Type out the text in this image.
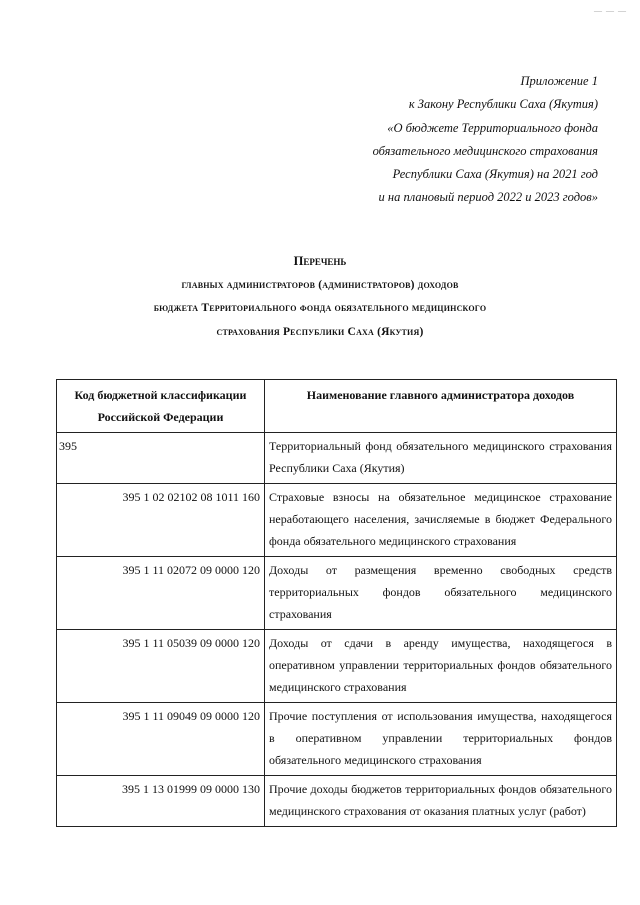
— — —
Приложение 1
к Закону Республики Саха (Якутия)
«О бюджете Территориального фонда
обязательного медицинского страхования
Республики Саха (Якутия) на 2021 год
и на плановый период 2022 и 2023 годов»
Перечень
главных администраторов (администраторов) доходов
бюджета Территориального фонда обязательного медицинского
страхования Республики Саха (Якутия)
Код бюджетной классификации Российской Федерации	Наименование главного администратора доходов
395	Территориальный фонд обязательного медицинского страхования Республики Саха (Якутия)
395 1 02 02102 08 1011 160	Страховые взносы на обязательное медицинское страхование неработающего населения, зачисляемые в бюджет Федерального фонда обязательного медицинского страхования
395 1 11 02072 09 0000 120	Доходы от размещения временно свободных средств территориальных фондов обязательного медицинского страхования
395 1 11 05039 09 0000 120	Доходы от сдачи в аренду имущества, находящегося в оперативном управлении территориальных фондов обязательного медицинского страхования
395 1 11 09049 09 0000 120	Прочие поступления от использования имущества, находящегося в оперативном управлении территориальных фондов обязательного медицинского страхования
395 1 13 01999 09 0000 130	Прочие доходы бюджетов территориальных фондов обязательного медицинского страхования от оказания платных услуг (работ)
